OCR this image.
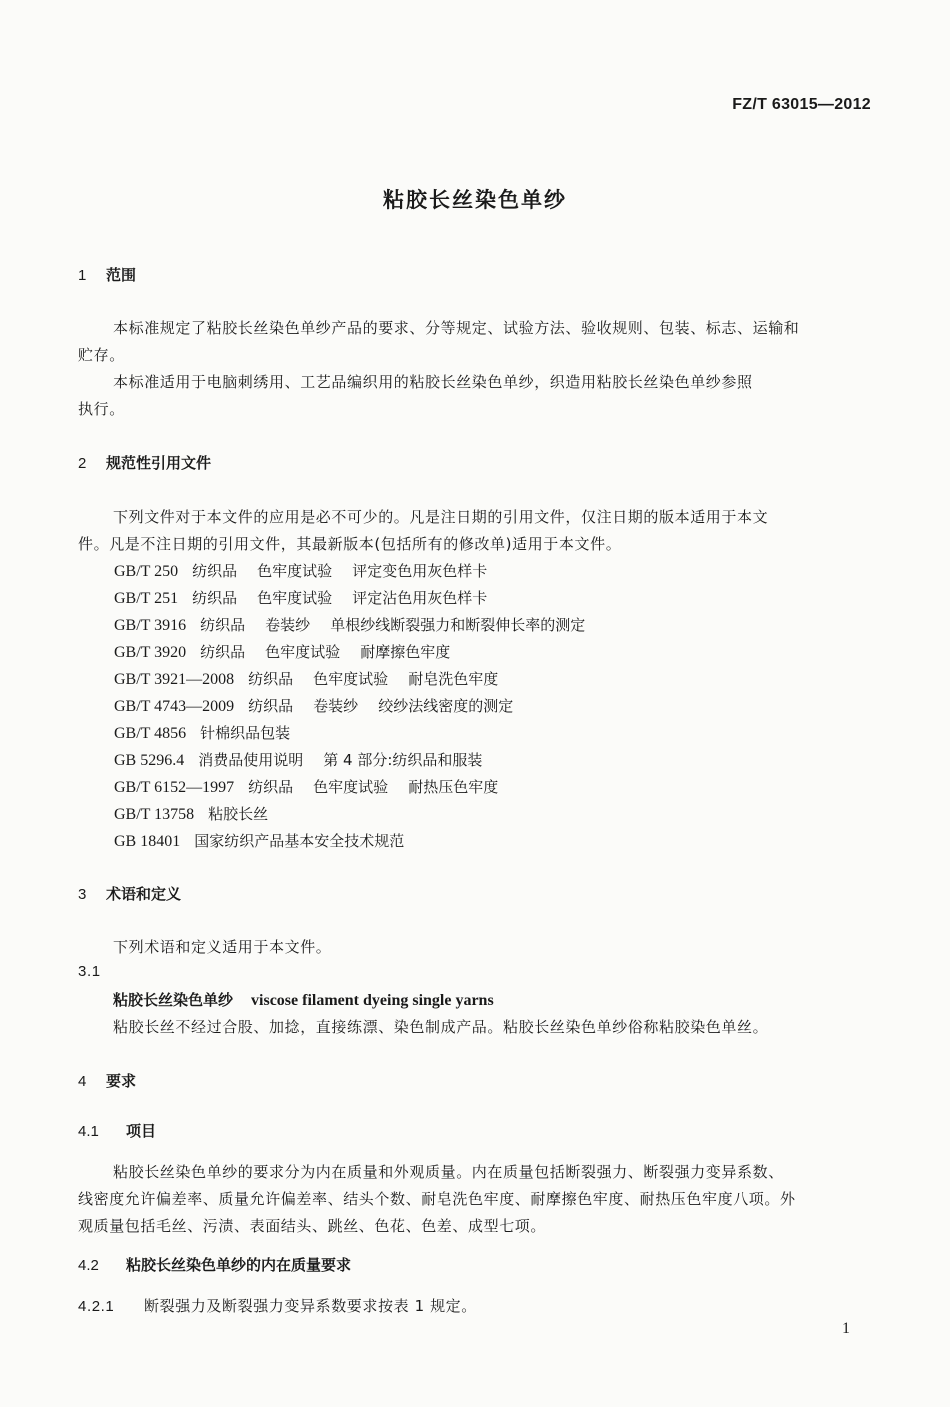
FZ/T 63015—2012
粘胶长丝染色单纱
1 范围
本标准规定了粘胶长丝染色单纱产品的要求、分等规定、试验方法、验收规则、包装、标志、运输和
贮存。
本标准适用于电脑刺绣用、工艺品编织用的粘胶长丝染色单纱，织造用粘胶长丝染色单纱参照
执行。
2 规范性引用文件
下列文件对于本文件的应用是必不可少的。凡是注日期的引用文件，仅注日期的版本适用于本文
件。凡是不注日期的引用文件，其最新版本(包括所有的修改单)适用于本文件。
GB/T 250 纺织品 色牢度试验 评定变色用灰色样卡
GB/T 251 纺织品 色牢度试验 评定沾色用灰色样卡
GB/T 3916 纺织品 卷装纱 单根纱线断裂强力和断裂伸长率的测定
GB/T 3920 纺织品 色牢度试验 耐摩擦色牢度
GB/T 3921—2008 纺织品 色牢度试验 耐皂洗色牢度
GB/T 4743—2009 纺织品 卷装纱 绞纱法线密度的测定
GB/T 4856 针棉织品包装
GB 5296.4 消费品使用说明 第 4 部分:纺织品和服装
GB/T 6152—1997 纺织品 色牢度试验 耐热压色牢度
GB/T 13758 粘胶长丝
GB 18401 国家纺织产品基本安全技术规范
3 术语和定义
下列术语和定义适用于本文件。
3.1
粘胶长丝染色单纱 viscose filament dyeing single yarns
粘胶长丝不经过合股、加捻，直接练漂、染色制成产品。粘胶长丝染色单纱俗称粘胶染色单丝。
4 要求
4.1 项目
粘胶长丝染色单纱的要求分为内在质量和外观质量。内在质量包括断裂强力、断裂强力变异系数、
线密度允许偏差率、质量允许偏差率、结头个数、耐皂洗色牢度、耐摩擦色牢度、耐热压色牢度八项。外
观质量包括毛丝、污渍、表面结头、跳丝、色花、色差、成型七项。
4.2 粘胶长丝染色单纱的内在质量要求
4.2.1 断裂强力及断裂强力变异系数要求按表 1 规定。
1
